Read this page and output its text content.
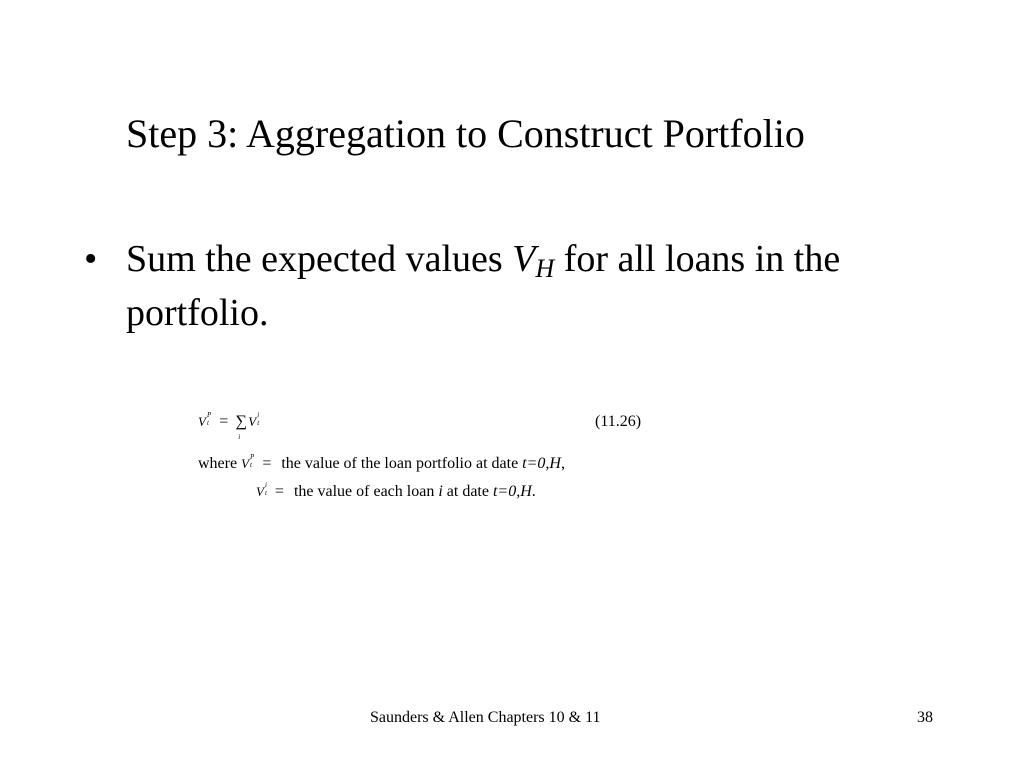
Step 3: Aggregation to Construct Portfolio
• Sum the expected values $V_H$ for all loans in the portfolio.
V P
t = ∑
i
V i
t	(11.26)
where V P
t = the value of the loan portfolio at date t=0,H,
V i
t = the value of each loan i at date t=0,H.
Saunders & Allen Chapters 10 & 11	38
